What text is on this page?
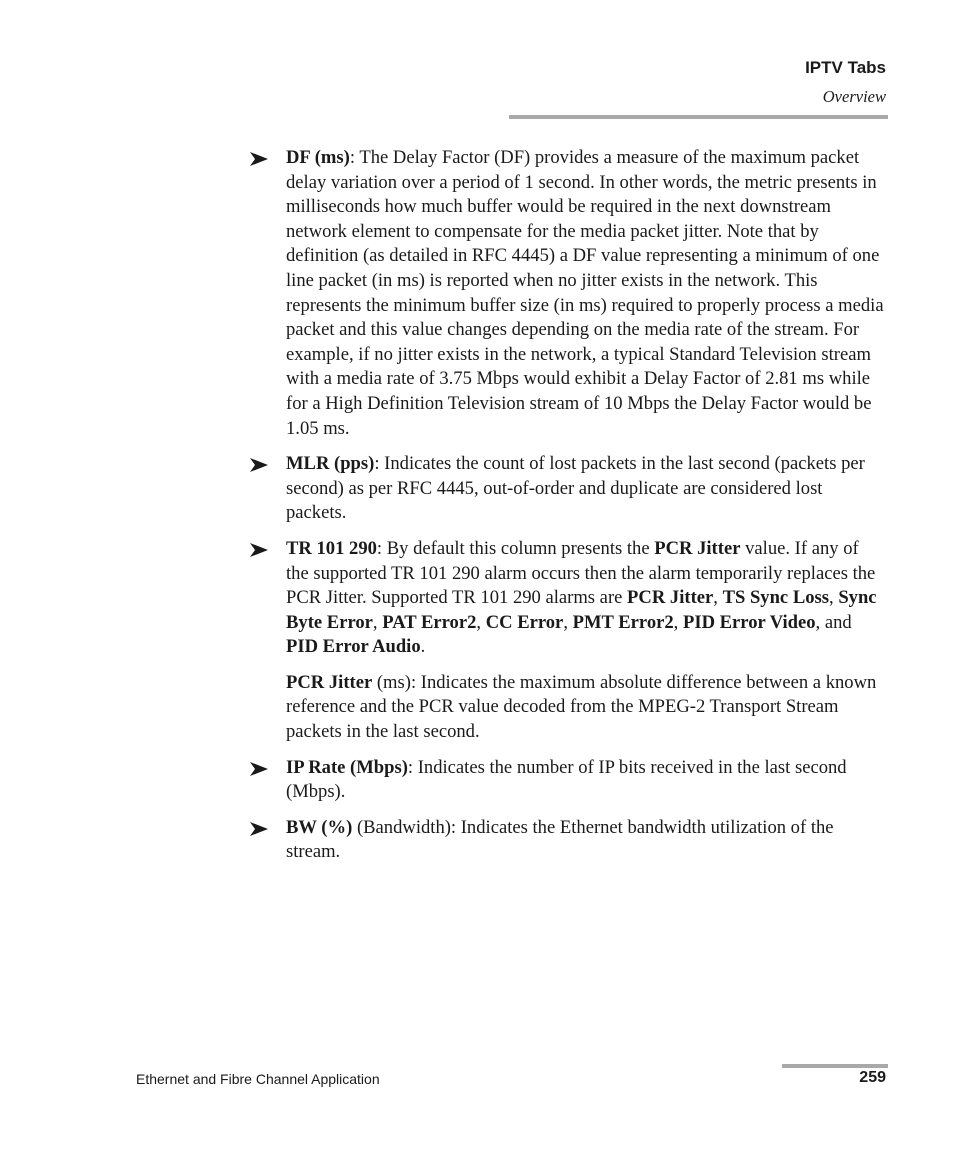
IPTV Tabs
Overview
DF (ms): The Delay Factor (DF) provides a measure of the maximum packet delay variation over a period of 1 second. In other words, the metric presents in milliseconds how much buffer would be required in the next downstream network element to compensate for the media packet jitter. Note that by definition (as detailed in RFC 4445) a DF value representing a minimum of one line packet (in ms) is reported when no jitter exists in the network. This represents the minimum buffer size (in ms) required to properly process a media packet and this value changes depending on the media rate of the stream. For example, if no jitter exists in the network, a typical Standard Television stream with a media rate of 3.75 Mbps would exhibit a Delay Factor of 2.81 ms while for a High Definition Television stream of 10 Mbps the Delay Factor would be 1.05 ms.
MLR (pps): Indicates the count of lost packets in the last second (packets per second) as per RFC 4445, out-of-order and duplicate are considered lost packets.
TR 101 290: By default this column presents the PCR Jitter value. If any of the supported TR 101 290 alarm occurs then the alarm temporarily replaces the PCR Jitter. Supported TR 101 290 alarms are PCR Jitter, TS Sync Loss, Sync Byte Error, PAT Error2, CC Error, PMT Error2, PID Error Video, and PID Error Audio.
PCR Jitter (ms): Indicates the maximum absolute difference between a known reference and the PCR value decoded from the MPEG-2 Transport Stream packets in the last second.
IP Rate (Mbps): Indicates the number of IP bits received in the last second (Mbps).
BW (%) (Bandwidth): Indicates the Ethernet bandwidth utilization of the stream.
Ethernet and Fibre Channel Application	259
